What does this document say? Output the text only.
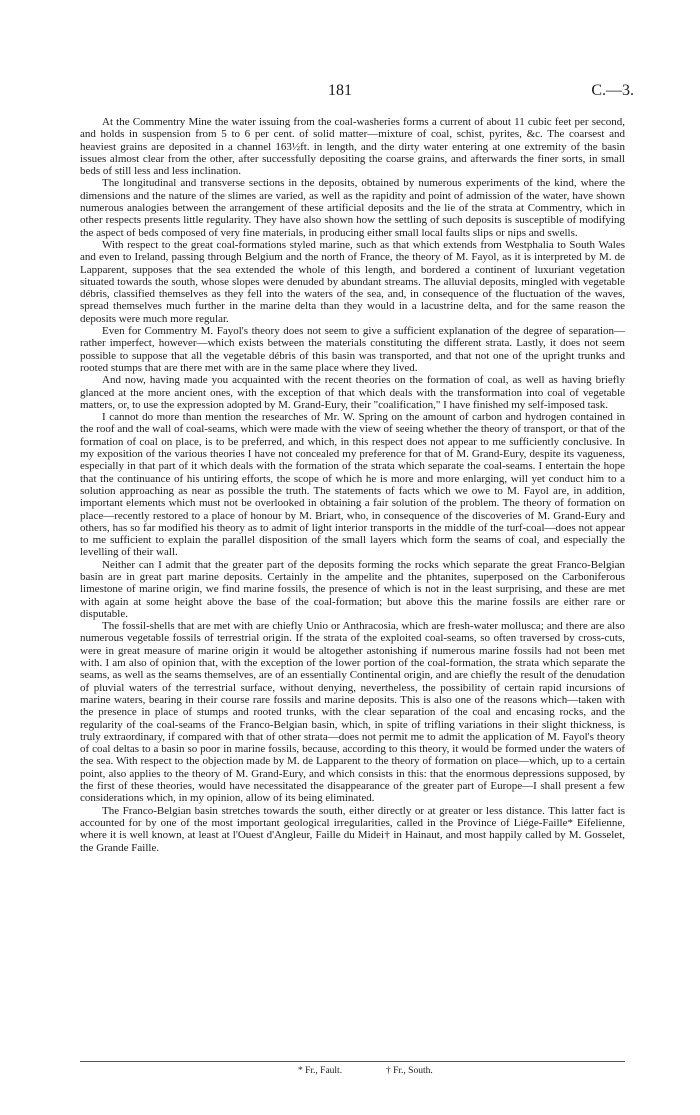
181	C.—3.

At the Commentry Mine the water issuing from the coal-washeries forms a current of about 11 cubic feet per second, and holds in suspension from 5 to 6 per cent. of solid matter—mixture of coal, schist, pyrites, &c. The coarsest and heaviest grains are deposited in a channel 163½ft. in length, and the dirty water entering at one extremity of the basin issues almost clear from the other, after successfully depositing the coarse grains, and afterwards the finer sorts, in small beds of still less and less inclination.

The longitudinal and transverse sections in the deposits, obtained by numerous experiments of the kind, where the dimensions and the nature of the slimes are varied, as well as the rapidity and point of admission of the water, have shown numerous analogies between the arrangement of these artificial deposits and the lie of the strata at Commentry, which in other respects presents little regularity. They have also shown how the settling of such deposits is susceptible of modifying the aspect of beds composed of very fine materials, in producing either small local faults slips or nips and swells.

With respect to the great coal-formations styled marine, such as that which extends from Westphalia to South Wales and even to Ireland, passing through Belgium and the north of France, the theory of M. Fayol, as it is interpreted by M. de Lapparent, supposes that the sea extended the whole of this length, and bordered a continent of luxuriant vegetation situated towards the south, whose slopes were denuded by abundant streams. The alluvial deposits, mingled with vegetable débris, classified themselves as they fell into the waters of the sea, and, in consequence of the fluctuation of the waves, spread themselves much further in the marine delta than they would in a lacustrine delta, and for the same reason the deposits were much more regular.

Even for Commentry M. Fayol's theory does not seem to give a sufficient explanation of the degree of separation—rather imperfect, however—which exists between the materials constituting the different strata. Lastly, it does not seem possible to suppose that all the vegetable débris of this basin was transported, and that not one of the upright trunks and rooted stumps that are there met with are in the same place where they lived.

And now, having made you acquainted with the recent theories on the formation of coal, as well as having briefly glanced at the more ancient ones, with the exception of that which deals with the transformation into coal of vegetable matters, or, to use the expression adopted by M. Grand-Eury, their "coalification," I have finished my self-imposed task.

I cannot do more than mention the researches of Mr. W. Spring on the amount of carbon and hydrogen contained in the roof and the wall of coal-seams, which were made with the view of seeing whether the theory of transport, or that of the formation of coal on place, is to be preferred, and which, in this respect does not appear to me sufficiently conclusive. In my exposition of the various theories I have not concealed my preference for that of M. Grand-Eury, despite its vagueness, especially in that part of it which deals with the formation of the strata which separate the coal-seams. I entertain the hope that the continuance of his untiring efforts, the scope of which he is more and more enlarging, will yet conduct him to a solution approaching as near as possible the truth. The statements of facts which we owe to M. Fayol are, in addition, important elements which must not be overlooked in obtaining a fair solution of the problem. The theory of formation on place—recently restored to a place of honour by M. Briart, who, in consequence of the discoveries of M. Grand-Eury and others, has so far modified his theory as to admit of light interior transports in the middle of the turf-coal—does not appear to me sufficient to explain the parallel disposition of the small layers which form the seams of coal, and especially the levelling of their wall.

Neither can I admit that the greater part of the deposits forming the rocks which separate the great Franco-Belgian basin are in great part marine deposits. Certainly in the ampelite and the phtanites, superposed on the Carboniferous limestone of marine origin, we find marine fossils, the presence of which is not in the least surprising, and these are met with again at some height above the base of the coal-formation; but above this the marine fossils are either rare or disputable.

The fossil-shells that are met with are chiefly Unio or Anthracosia, which are fresh-water mollusca; and there are also numerous vegetable fossils of terrestrial origin. If the strata of the exploited coal-seams, so often traversed by cross-cuts, were in great measure of marine origin it would be altogether astonishing if numerous marine fossils had not been met with. I am also of opinion that, with the exception of the lower portion of the coal-formation, the strata which separate the seams, as well as the seams themselves, are of an essentially Continental origin, and are chiefly the result of the denudation of pluvial waters of the terrestrial surface, without denying, nevertheless, the possibility of certain rapid incursions of marine waters, bearing in their course rare fossils and marine deposits. This is also one of the reasons which—taken with the presence in place of stumps and rooted trunks, with the clear separation of the coal and encasing rocks, and the regularity of the coal-seams of the Franco-Belgian basin, which, in spite of trifling variations in their slight thickness, is truly extraordinary, if compared with that of other strata—does not permit me to admit the application of M. Fayol's theory of coal deltas to a basin so poor in marine fossils, because, according to this theory, it would be formed under the waters of the sea. With respect to the objection made by M. de Lapparent to the theory of formation on place—which, up to a certain point, also applies to the theory of M. Grand-Eury, and which consists in this: that the enormous depressions supposed, by the first of these theories, would have necessitated the disappearance of the greater part of Europe—I shall present a few considerations which, in my opinion, allow of its being eliminated.

The Franco-Belgian basin stretches towards the south, either directly or at greater or less distance. This latter fact is accounted for by one of the most important geological irregularities, called in the Province of Liége-Faille* Eifelienne, where it is well known, at least at l'Ouest d'Angleur, Faille du Midei† in Hainaut, and most happily called by M. Gosselet, the Grande Faille.

* Fr., Fault.	† Fr., South.
